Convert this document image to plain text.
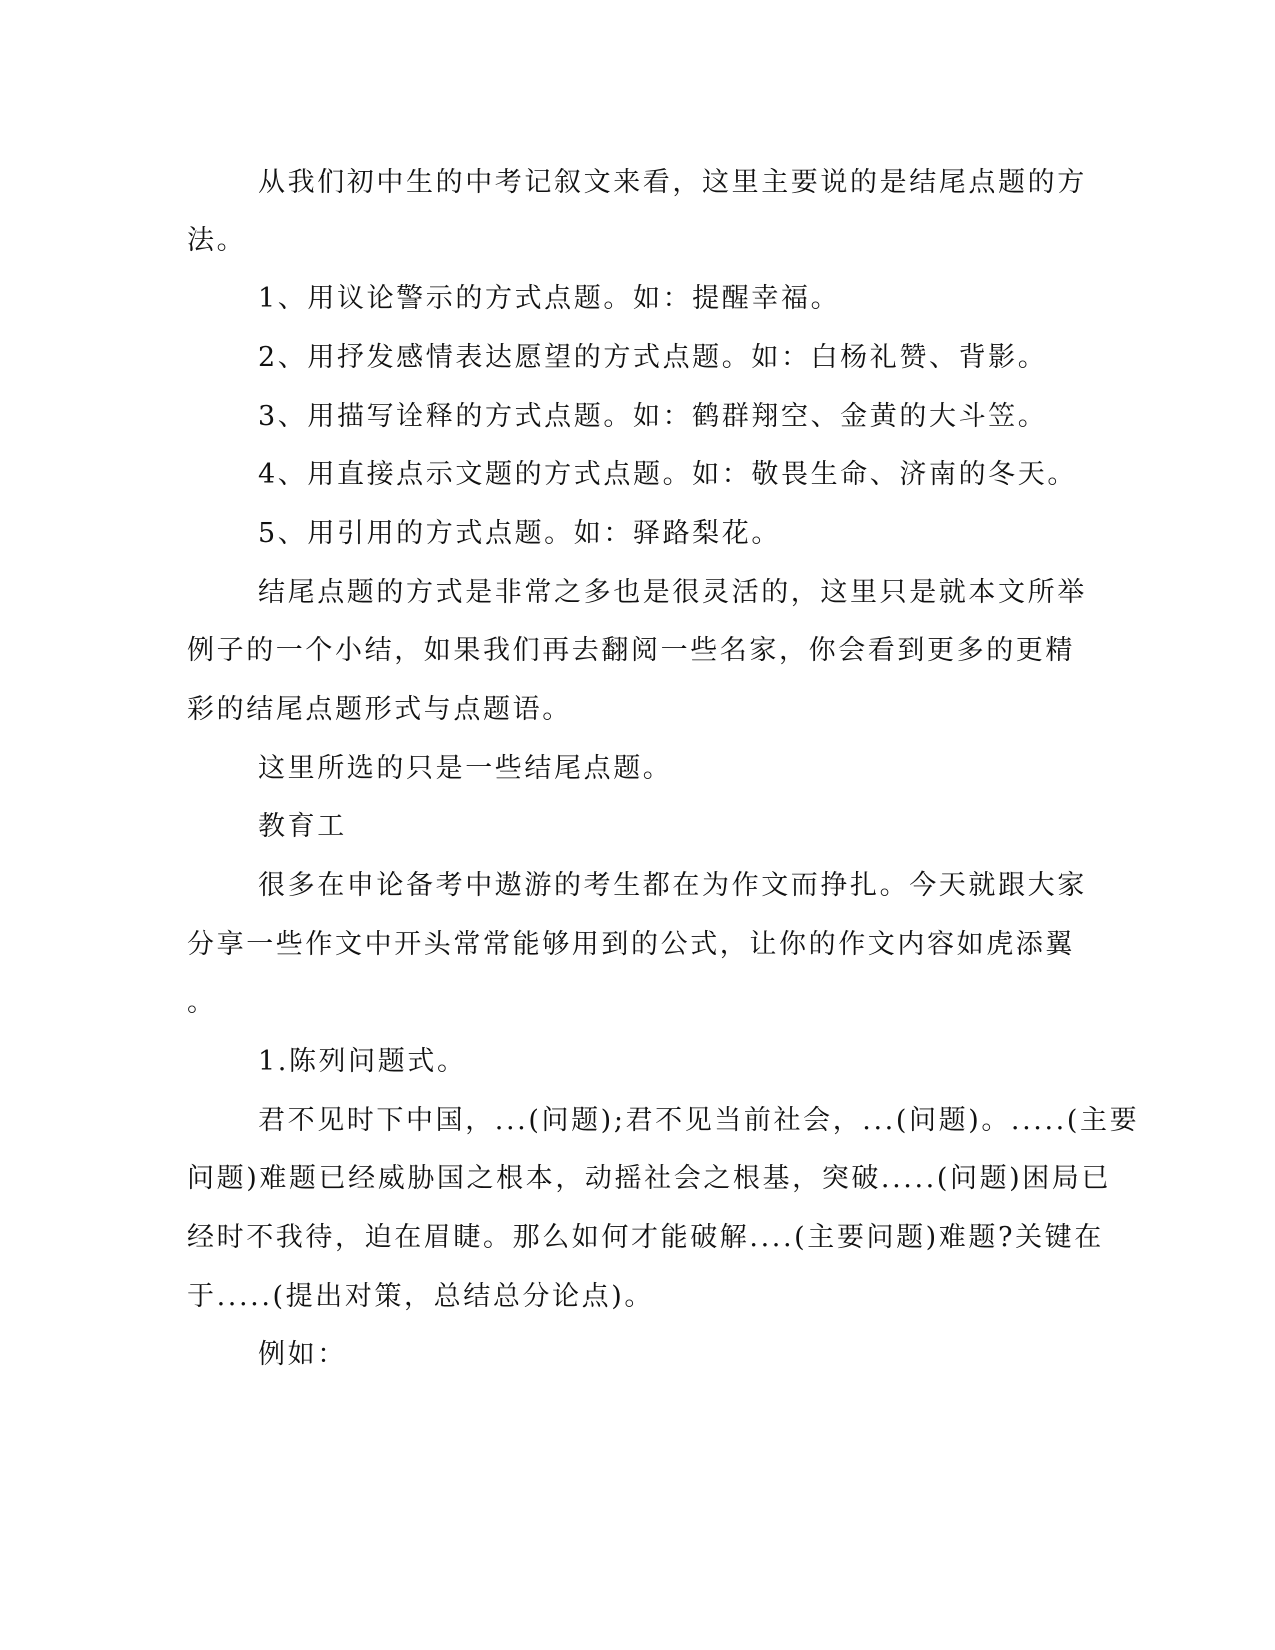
从我们初中生的中考记叙文来看，这里主要说的是结尾点题的方
法。
1、用议论警示的方式点题。如：提醒幸福。
2、用抒发感情表达愿望的方式点题。如：白杨礼赞、背影。
3、用描写诠释的方式点题。如：鹤群翔空、金黄的大斗笠。
4、用直接点示文题的方式点题。如：敬畏生命、济南的冬天。
5、用引用的方式点题。如：驿路梨花。
结尾点题的方式是非常之多也是很灵活的，这里只是就本文所举
例子的一个小结，如果我们再去翻阅一些名家，你会看到更多的更精
彩的结尾点题形式与点题语。
这里所选的只是一些结尾点题。
教育工
很多在申论备考中遨游的考生都在为作文而挣扎。今天就跟大家
分享一些作文中开头常常能够用到的公式，让你的作文内容如虎添翼
。
1.陈列问题式。
君不见时下中国，...(问题);君不见当前社会，...(问题)。.....(主要
问题)难题已经威胁国之根本，动摇社会之根基，突破.....(问题)困局已
经时不我待，迫在眉睫。那么如何才能破解....(主要问题)难题?关键在
于.....(提出对策，总结总分论点)。
例如：
